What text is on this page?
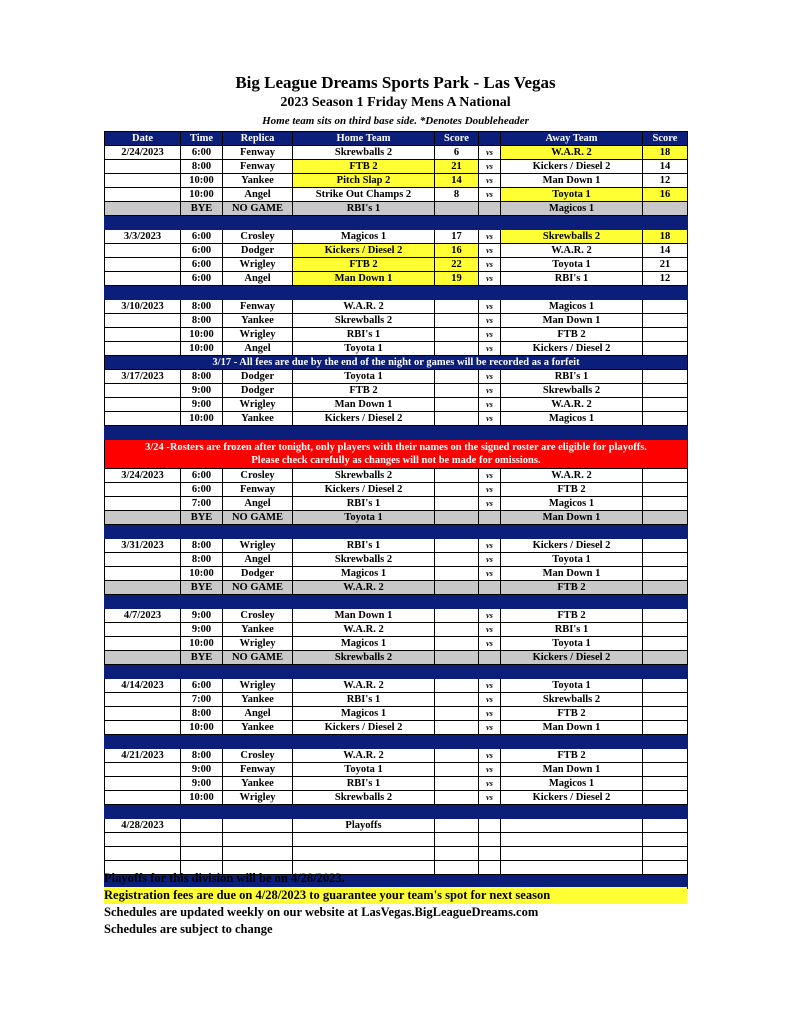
Big League Dreams Sports Park - Las Vegas
2023 Season 1 Friday Mens A National
Home team sits on third base side. *Denotes Doubleheader
Date	Time	Replica	Home Team	Score		Away Team	Score
2/24/2023	6:00	Fenway	Skrewballs 2	6	vs	W.A.R. 2	18
	8:00	Fenway	FTB 2	21	vs	Kickers / Diesel 2	14
	10:00	Yankee	Pitch Slap 2	14	vs	Man Down 1	12
	10:00	Angel	Strike Out Champs 2	8	vs	Toyota 1	16
	BYE	NO GAME	RBI's 1			Magicos 1	

3/3/2023	6:00	Crosley	Magicos 1	17	vs	Skrewballs 2	18
	6:00	Dodger	Kickers / Diesel 2	16	vs	W.A.R. 2	14
	6:00	Wrigley	FTB 2	22	vs	Toyota 1	21
	6:00	Angel	Man Down 1	19	vs	RBI's 1	12

3/10/2023	8:00	Fenway	W.A.R. 2		vs	Magicos 1	
	8:00	Yankee	Skrewballs 2		vs	Man Down 1	
	10:00	Wrigley	RBI's 1		vs	FTB 2	
	10:00	Angel	Toyota 1		vs	Kickers / Diesel 2	
3/17 - All fees are due by the end of the night or games will be recorded as a forfeit							
3/17/2023	8:00	Dodger	Toyota 1		vs	RBI's 1	
	9:00	Dodger	FTB 2		vs	Skrewballs 2	
	9:00	Wrigley	Man Down 1		vs	W.A.R. 2	
	10:00	Yankee	Kickers / Diesel 2		vs	Magicos 1	

3/24 -Rosters are frozen after tonight, only players with their names on the signed roster are eligible for playoffs.
Please check carefully as changes will not be made for omissions.							

3/24/2023	6:00	Crosley	Skrewballs 2		vs	W.A.R. 2	
	6:00	Fenway	Kickers / Diesel 2		vs	FTB 2	
	7:00	Angel	RBI's 1		vs	Magicos 1	
	BYE	NO GAME	Toyota 1			Man Down 1	

3/31/2023	8:00	Wrigley	RBI's 1		vs	Kickers / Diesel 2	
	8:00	Angel	Skrewballs 2		vs	Toyota 1	
	10:00	Dodger	Magicos 1		vs	Man Down 1	
	BYE	NO GAME	W.A.R. 2			FTB 2	

4/7/2023	9:00	Crosley	Man Down 1		vs	FTB 2	
	9:00	Yankee	W.A.R. 2		vs	RBI's 1	
	10:00	Wrigley	Magicos 1		vs	Toyota 1	
	BYE	NO GAME	Skrewballs 2			Kickers / Diesel 2	

4/14/2023	6:00	Wrigley	W.A.R. 2		vs	Toyota 1	
	7:00	Yankee	RBI's 1		vs	Skrewballs 2	
	8:00	Angel	Magicos 1		vs	FTB 2	
	10:00	Yankee	Kickers / Diesel 2		vs	Man Down 1	

4/21/2023	8:00	Crosley	W.A.R. 2		vs	FTB 2	
	9:00	Fenway	Toyota 1		vs	Man Down 1	
	9:00	Yankee	RBI's 1		vs	Magicos 1	
	10:00	Wrigley	Skrewballs 2		vs	Kickers / Diesel 2	

4/28/2023			Playoffs				

Playoffs for this division will be on 4/28/2023.
Registration fees are due on 4/28/2023 to guarantee your team's spot for next season
Schedules are updated weekly on our website at LasVegas.BigLeagueDreams.com
Schedules are subject to change
